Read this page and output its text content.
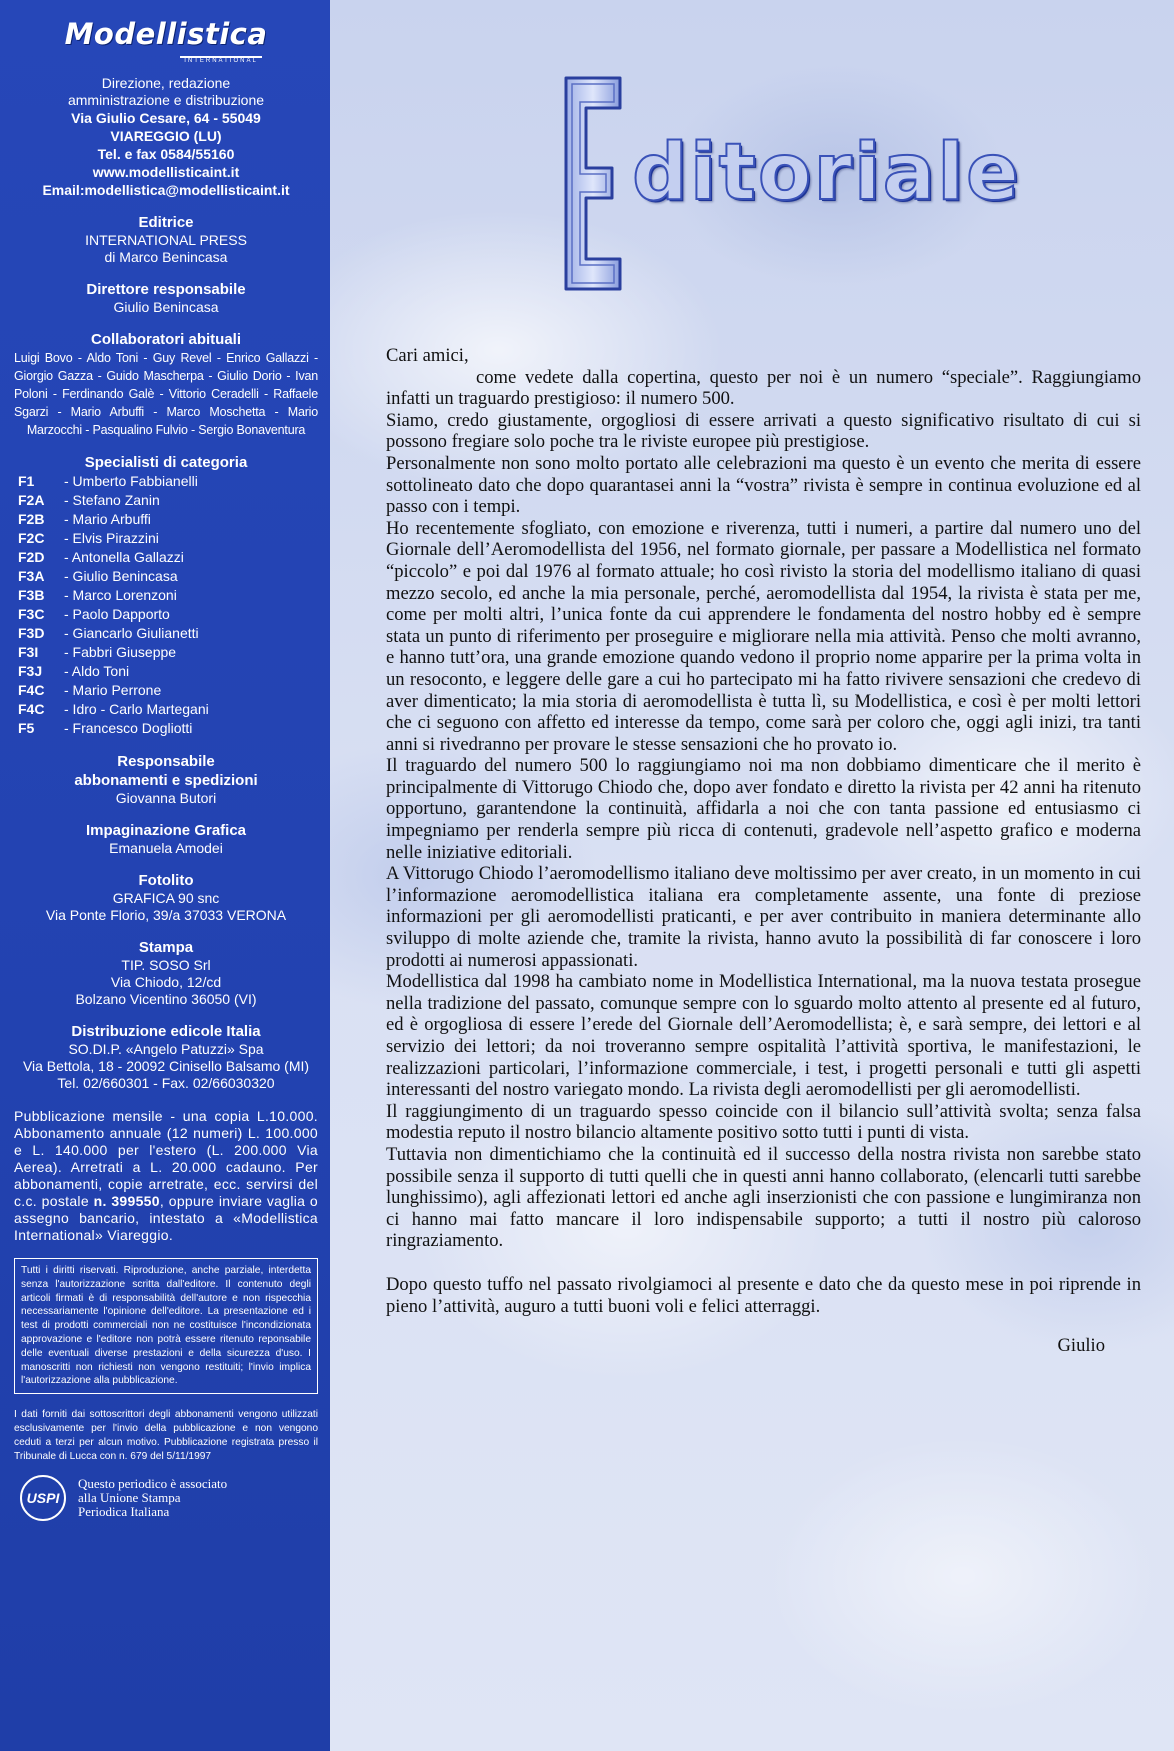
Modellistica
INTERNATIONAL
Direzione, redazione
amministrazione e distribuzione
Via Giulio Cesare, 64 - 55049
VIAREGGIO (LU)
Tel. e fax 0584/55160
www.modellisticaint.it
Email:modellistica@modellisticaint.it
Editrice
INTERNATIONAL PRESS
di Marco Benincasa
Direttore responsabile
Giulio Benincasa
Collaboratori abituali
Luigi Bovo - Aldo Toni - Guy Revel - Enrico Gallazzi - Giorgio Gazza - Guido Mascherpa - Giulio Dorio - Ivan Poloni - Ferdinando Galè - Vittorio Ceradelli - Raffaele Sgarzi - Mario Arbuffi - Marco Moschetta - Mario Marzocchi - Pasqualino Fulvio - Sergio Bonaventura
Specialisti di categoria
F1 - Umberto Fabbianelli
F2A - Stefano Zanin
F2B - Mario Arbuffi
F2C - Elvis Pirazzini
F2D - Antonella Gallazzi
F3A - Giulio Benincasa
F3B - Marco Lorenzoni
F3C - Paolo Dapporto
F3D - Giancarlo Giulianetti
F3I - Fabbri Giuseppe
F3J - Aldo Toni
F4C - Mario Perrone
F4C - Idro - Carlo Martegani
F5 - Francesco Dogliotti
Responsabile
abbonamenti e spedizioni
Giovanna Butori
Impaginazione Grafica
Emanuela Amodei
Fotolito
GRAFICA 90 snc
Via Ponte Florio, 39/a 37033 VERONA
Stampa
TIP. SOSO Srl
Via Chiodo, 12/cd
Bolzano Vicentino 36050 (VI)
Distribuzione edicole Italia
SO.DI.P. «Angelo Patuzzi» Spa
Via Bettola, 18 - 20092 Cinisello Balsamo (MI)
Tel. 02/660301 - Fax. 02/66030320
Pubblicazione mensile - una copia L.10.000. Abbonamento annuale (12 numeri) L. 100.000 e L. 140.000 per l'estero (L. 200.000 Via Aerea). Arretrati a L. 20.000 cadauno. Per abbonamenti, copie arretrate, ecc. servirsi del c.c. postale n. 399550, oppure inviare vaglia o assegno bancario, intestato a «Modellistica International» Viareggio.
Tutti i diritti riservati. Riproduzione, anche parziale, interdetta senza l'autorizzazione scritta dall'editore. Il contenuto degli articoli firmati è di responsabilità dell'autore e non rispecchia necessariamente l'opinione dell'editore. La presentazione ed i test di prodotti commerciali non ne costituisce l'incondizionata approvazione e l'editore non potrà essere ritenuto reponsabile delle eventuali diverse prestazioni e della sicurezza d'uso. I manoscritti non richiesti non vengono restituiti; l'invio implica l'autorizzazione alla pubblicazione.
I dati forniti dai sottoscrittori degli abbonamenti vengono utilizzati esclusivamente per l'invio della pubblicazione e non vengono ceduti a terzi per alcun motivo. Pubblicazione registrata presso il Tribunale di Lucca con n. 679 del 5/11/1997
USPI
Questo periodico è associato
alla Unione Stampa
Periodica Italiana
ditoriale

Cari amici,

come vedete dalla copertina, questo per noi è un numero “speciale”. Raggiungiamo infatti un traguardo prestigioso: il numero 500.

Siamo, credo giustamente, orgogliosi di essere arrivati a questo significativo risultato di cui si possono fregiare solo poche tra le riviste europee più prestigiose.

Personalmente non sono molto portato alle celebrazioni ma questo è un evento che merita di essere sottolineato dato che dopo quarantasei anni la “vostra” rivista è sempre in continua evoluzione ed al passo con i tempi.

Ho recentemente sfogliato, con emozione e riverenza, tutti i numeri, a partire dal numero uno del Giornale dell’Aeromodellista del 1956, nel formato giornale, per passare a Modellistica nel formato “piccolo” e poi dal 1976 al formato attuale; ho così rivisto la storia del modellismo italiano di quasi mezzo secolo, ed anche la mia personale, perché, aeromodellista dal 1954, la rivista è stata per me, come per molti altri, l’unica fonte da cui apprendere le fondamenta del nostro hobby ed è sempre stata un punto di riferimento per proseguire e migliorare nella mia attività. Penso che molti avranno, e hanno tutt’ora, una grande emozione quando vedono il proprio nome apparire per la prima volta in un resoconto, e leggere delle gare a cui ho partecipato mi ha fatto rivivere sensazioni che credevo di aver dimenticato; la mia storia di aeromodellista è tutta lì, su Modellistica, e così è per molti lettori che ci seguono con affetto ed interesse da tempo, come sarà per coloro che, oggi agli inizi, tra tanti anni si rivedranno per provare le stesse sensazioni che ho provato io.

Il traguardo del numero 500 lo raggiungiamo noi ma non dobbiamo dimenticare che il merito è principalmente di Vittorugo Chiodo che, dopo aver fondato e diretto la rivista per 42 anni ha ritenuto opportuno, garantendone la continuità, affidarla a noi che con tanta passione ed entusiasmo ci impegniamo per renderla sempre più ricca di contenuti, gradevole nell’aspetto grafico e moderna nelle iniziative editoriali.

A Vittorugo Chiodo l’aeromodellismo italiano deve moltissimo per aver creato, in un momento in cui l’informazione aeromodellistica italiana era completamente assente, una fonte di preziose informazioni per gli aeromodellisti praticanti, e per aver contribuito in maniera determinante allo sviluppo di molte aziende che, tramite la rivista, hanno avuto la possibilità di far conoscere i loro prodotti ai numerosi appassionati.

Modellistica dal 1998 ha cambiato nome in Modellistica International, ma la nuova testata prosegue nella tradizione del passato, comunque sempre con lo sguardo molto attento al presente ed al futuro, ed è orgogliosa di essere l’erede del Giornale dell’Aeromodellista; è, e sarà sempre, dei lettori e al servizio dei lettori; da noi troveranno sempre ospitalità l’attività sportiva, le manifestazioni, le realizzazioni particolari, l’informazione commerciale, i test, i progetti personali e tutti gli aspetti interessanti del nostro variegato mondo. La rivista degli aeromodellisti per gli aeromodellisti.

Il raggiungimento di un traguardo spesso coincide con il bilancio sull’attività svolta; senza falsa modestia reputo il nostro bilancio altamente positivo sotto tutti i punti di vista.

Tuttavia non dimentichiamo che la continuità ed il successo della nostra rivista non sarebbe stato possibile senza il supporto di tutti quelli che in questi anni hanno collaborato, (elencarli tutti sarebbe lunghissimo), agli affezionati lettori ed anche agli inserzionisti che con passione e lungimiranza non ci hanno mai fatto mancare il loro indispensabile supporto; a tutti il nostro più caloroso ringraziamento.

Dopo questo tuffo nel passato rivolgiamoci al presente e dato che da questo mese in poi riprende in pieno l’attività, auguro a tutti buoni voli e felici atterraggi.

Giulio
